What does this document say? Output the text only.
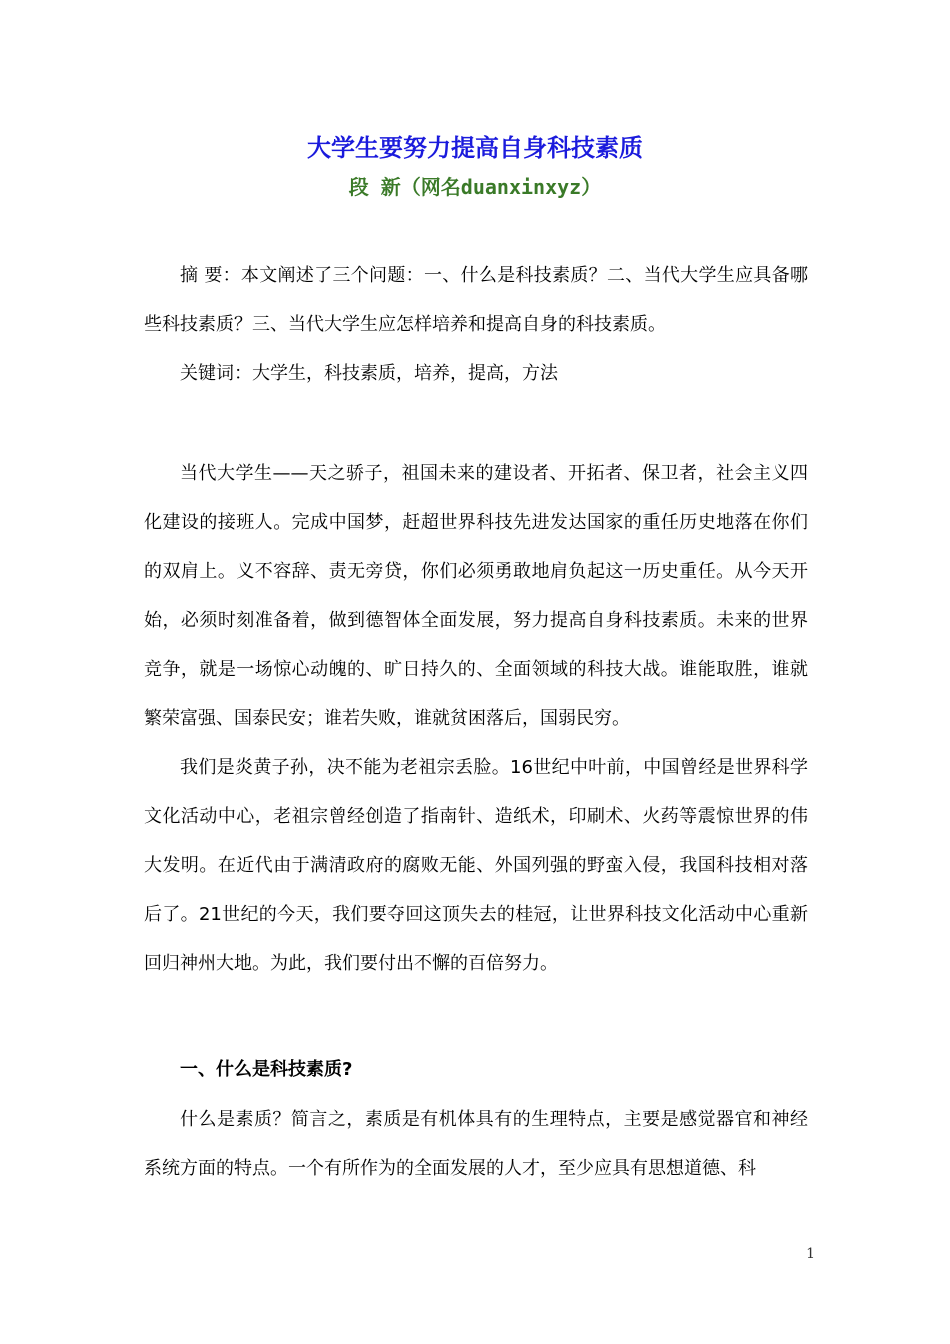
大学生要努力提高自身科技素质
段 新（网名duanxinxyz）

摘 要：本文阐述了三个问题：一、什么是科技素质？二、当代大学生应具备哪些科技素质？三、当代大学生应怎样培养和提高自身的科技素质。

关键词：大学生，科技素质，培养，提高，方法

当代大学生——天之骄子，祖国未来的建设者、开拓者、保卫者，社会主义四化建设的接班人。完成中国梦，赶超世界科技先进发达国家的重任历史地落在你们的双肩上。义不容辞、责无旁贷，你们必须勇敢地肩负起这一历史重任。从今天开始，必须时刻准备着，做到德智体全面发展，努力提高自身科技素质。未来的世界竞争，就是一场惊心动魄的、旷日持久的、全面领域的科技大战。谁能取胜，谁就繁荣富强、国泰民安；谁若失败，谁就贫困落后，国弱民穷。

我们是炎黄子孙，决不能为老祖宗丢脸。16世纪中叶前，中国曾经是世界科学文化活动中心，老祖宗曾经创造了指南针、造纸术，印刷术、火药等震惊世界的伟大发明。在近代由于满清政府的腐败无能、外国列强的野蛮入侵，我国科技相对落后了。21世纪的今天，我们要夺回这顶失去的桂冠，让世界科技文化活动中心重新回归神州大地。为此，我们要付出不懈的百倍努力。

一、什么是科技素质?

什么是素质？简言之，素质是有机体具有的生理特点，主要是感觉器官和神经系统方面的特点。一个有所作为的全面发展的人才，至少应具有思想道德、科

1
